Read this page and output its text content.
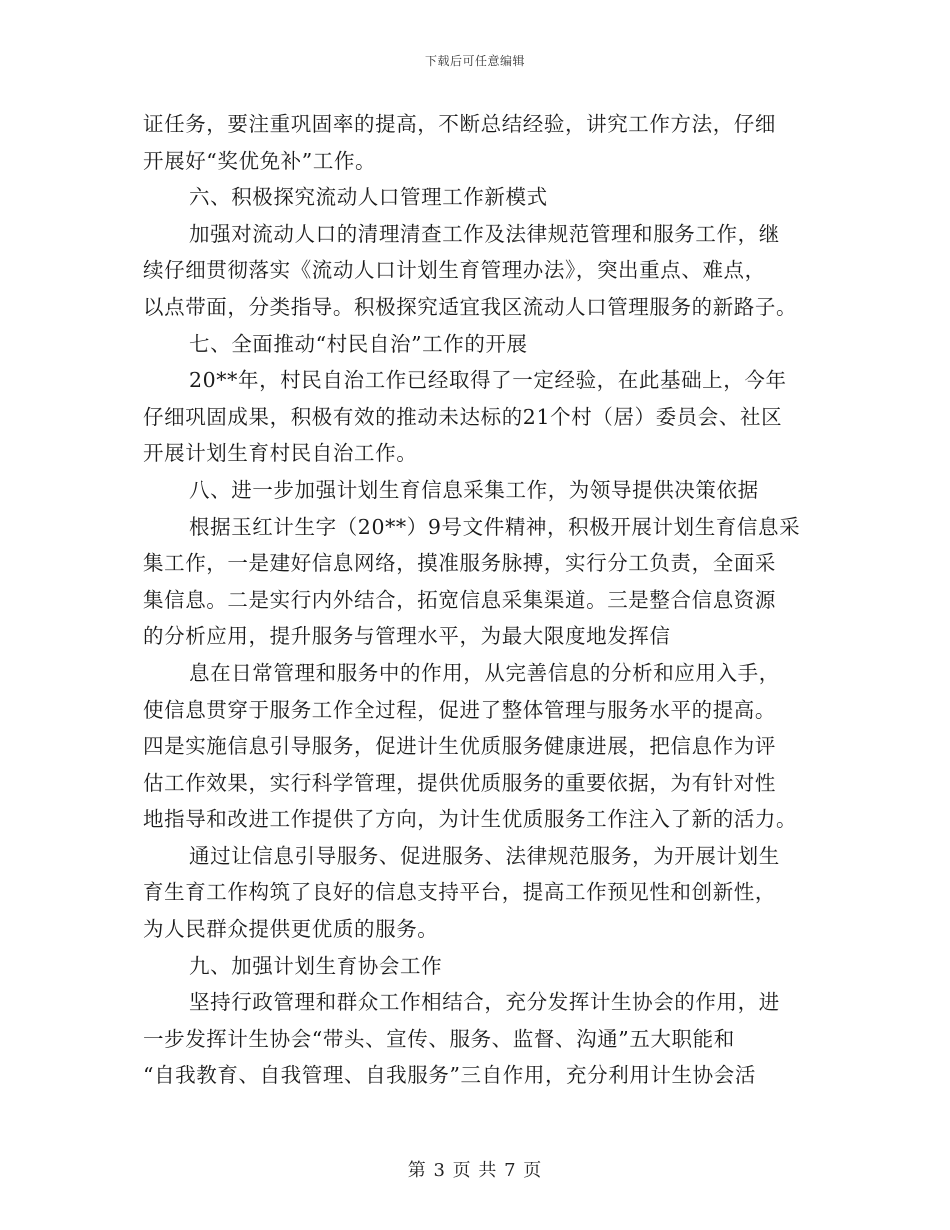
下载后可任意编辑
证任务，要注重巩固率的提高，不断总结经验，讲究工作方法，仔细
开展好“奖优免补”工作。
六、积极探究流动人口管理工作新模式
加强对流动人口的清理清查工作及法律规范管理和服务工作，继
续仔细贯彻落实《流动人口计划生育管理办法》，突出重点、难点，
以点带面，分类指导。积极探究适宜我区流动人口管理服务的新路子。
七、全面推动“村民自治”工作的开展
20**年，村民自治工作已经取得了一定经验，在此基础上，今年
仔细巩固成果，积极有效的推动未达标的21个村（居）委员会、社区
开展计划生育村民自治工作。
八、进一步加强计划生育信息采集工作，为领导提供决策依据
根据玉红计生字（20**）9号文件精神，积极开展计划生育信息采
集工作，一是建好信息网络，摸准服务脉搏，实行分工负责，全面采
集信息。二是实行内外结合，拓宽信息采集渠道。三是整合信息资源
的分析应用，提升服务与管理水平，为最大限度地发挥信
息在日常管理和服务中的作用，从完善信息的分析和应用入手，
使信息贯穿于服务工作全过程，促进了整体管理与服务水平的提高。
四是实施信息引导服务，促进计生优质服务健康进展，把信息作为评
估工作效果，实行科学管理，提供优质服务的重要依据，为有针对性
地指导和改进工作提供了方向，为计生优质服务工作注入了新的活力。
通过让信息引导服务、促进服务、法律规范服务，为开展计划生
育生育工作构筑了良好的信息支持平台，提高工作预见性和创新性，
为人民群众提供更优质的服务。
九、加强计划生育协会工作
坚持行政管理和群众工作相结合，充分发挥计生协会的作用，进
一步发挥计生协会“带头、宣传、服务、监督、沟通”五大职能和
“自我教育、自我管理、自我服务”三自作用，充分利用计生协会活
第 3 页 共 7 页
